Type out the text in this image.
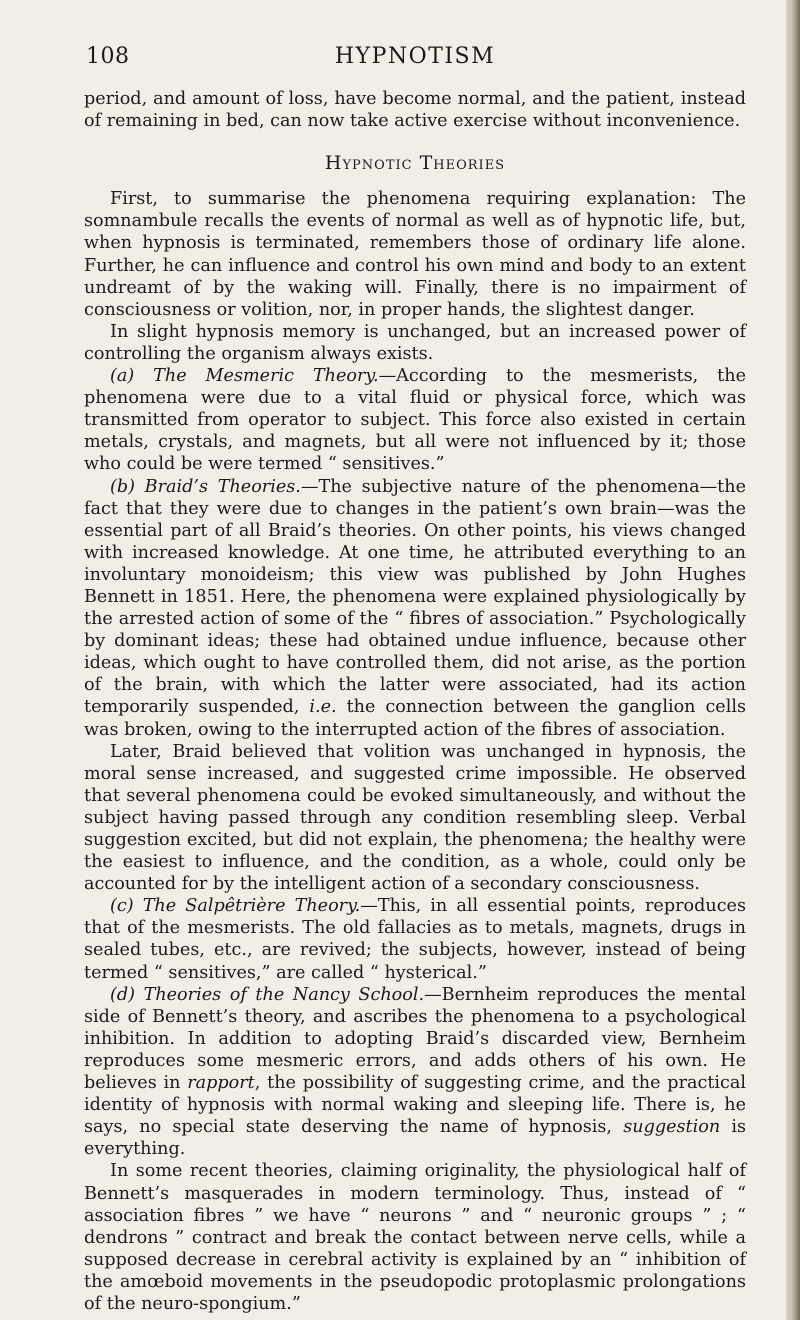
108	HYPNOTISM

period, and amount of loss, have become normal, and the patient, instead of remaining in bed, can now take active exercise without inconvenience.

Hypnotic Theories

First, to summarise the phenomena requiring explanation: The somnambule recalls the events of normal as well as of hypnotic life, but, when hypnosis is terminated, remembers those of ordinary life alone. Further, he can influence and control his own mind and body to an extent undreamt of by the waking will. Finally, there is no impairment of consciousness or volition, nor, in proper hands, the slightest danger.

In slight hypnosis memory is unchanged, but an increased power of controlling the organism always exists.

(a) The Mesmeric Theory.—According to the mesmerists, the phenomena were due to a vital fluid or physical force, which was transmitted from operator to subject. This force also existed in certain metals, crystals, and magnets, but all were not influenced by it; those who could be were termed “ sensitives.”

(b) Braid’s Theories.—The subjective nature of the phenomena—the fact that they were due to changes in the patient’s own brain—was the essential part of all Braid’s theories. On other points, his views changed with increased knowledge. At one time, he attributed everything to an involuntary monoideism; this view was published by John Hughes Bennett in 1851. Here, the phenomena were explained physiologically by the arrested action of some of the “ fibres of association.” Psychologically by dominant ideas; these had obtained undue influence, because other ideas, which ought to have controlled them, did not arise, as the portion of the brain, with which the latter were associated, had its action temporarily suspended, i.e. the connection between the ganglion cells was broken, owing to the interrupted action of the fibres of association.

Later, Braid believed that volition was unchanged in hypnosis, the moral sense increased, and suggested crime impossible. He observed that several phenomena could be evoked simultaneously, and without the subject having passed through any condition resembling sleep. Verbal suggestion excited, but did not explain, the phenomena; the healthy were the easiest to influence, and the condition, as a whole, could only be accounted for by the intelligent action of a secondary consciousness.

(c) The Salpêtrière Theory.—This, in all essential points, reproduces that of the mesmerists. The old fallacies as to metals, magnets, drugs in sealed tubes, etc., are revived; the subjects, however, instead of being termed “ sensitives,” are called “ hysterical.”

(d) Theories of the Nancy School.—Bernheim reproduces the mental side of Bennett’s theory, and ascribes the phenomena to a psychological inhibition. In addition to adopting Braid’s discarded view, Bernheim reproduces some mesmeric errors, and adds others of his own. He believes in rapport, the possibility of suggesting crime, and the practical identity of hypnosis with normal waking and sleeping life. There is, he says, no special state deserving the name of hypnosis, suggestion is everything.

In some recent theories, claiming originality, the physiological half of Bennett’s masquerades in modern terminology. Thus, instead of “ association fibres ” we have “ neurons ” and “ neuronic groups ” ; “ dendrons ” contract and break the contact between nerve cells, while a supposed decrease in cerebral activity is explained by an “ inhibition of the amœboid movements in the pseudopodic protoplasmic prolongations of the neuro-spongium.”
